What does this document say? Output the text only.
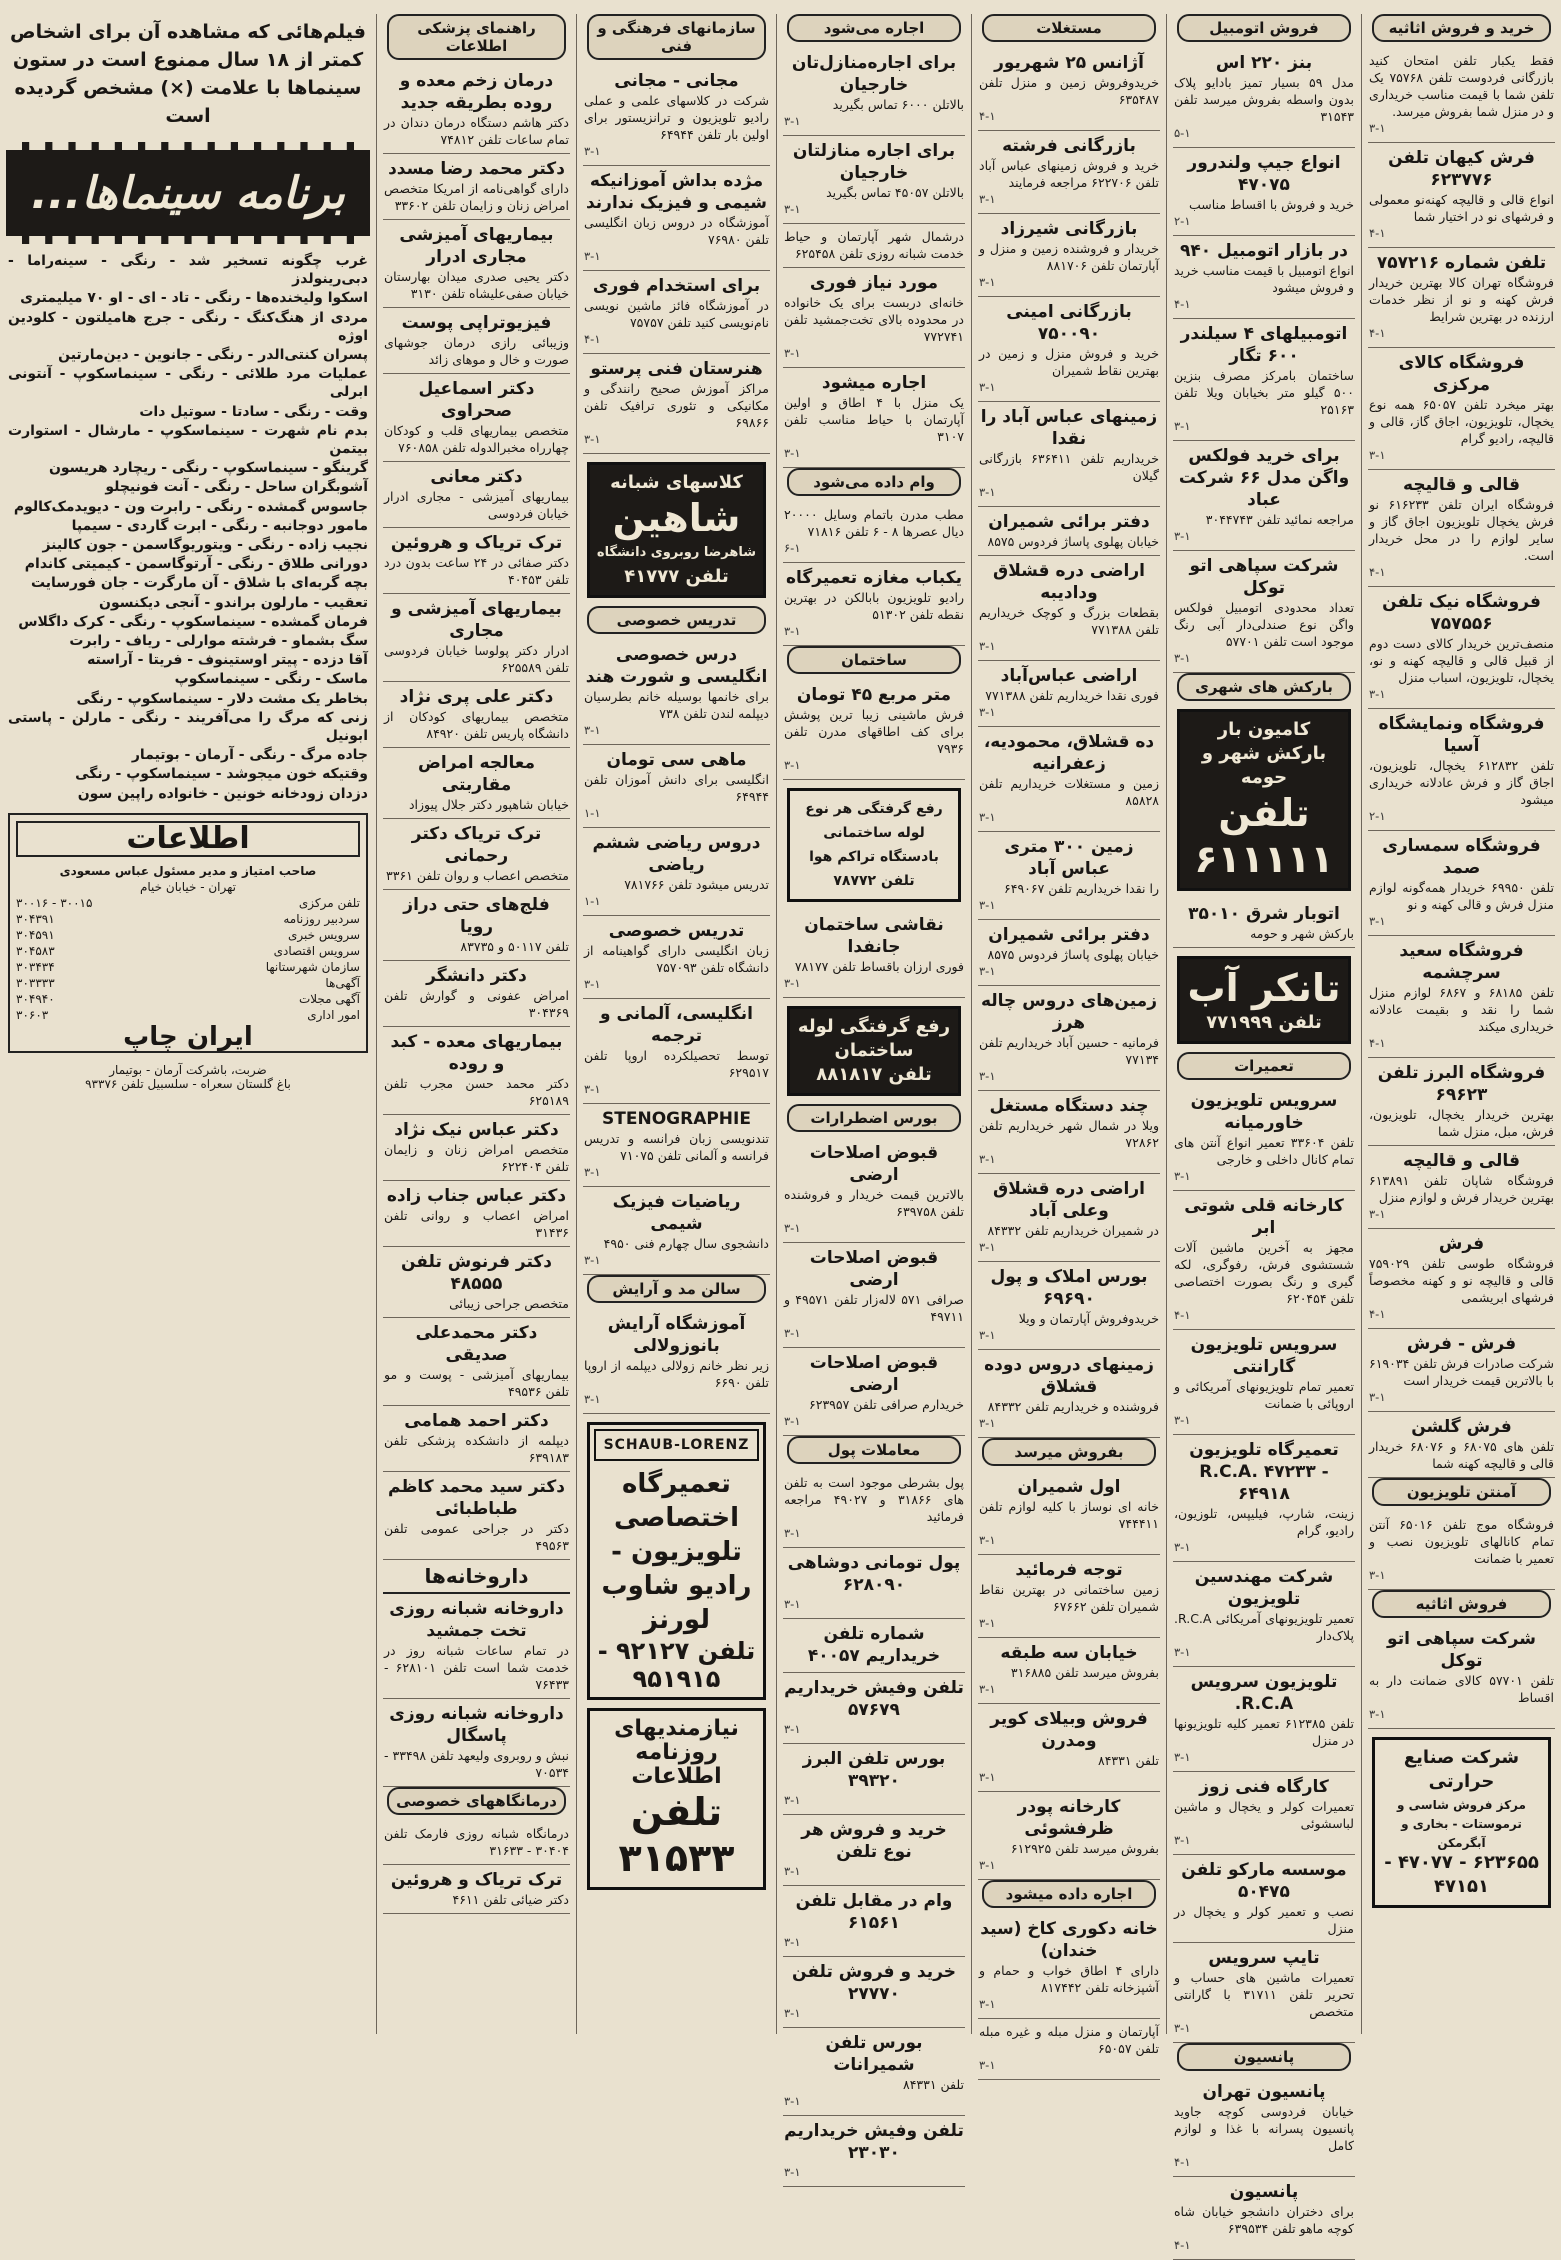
خرید و فروش اثاثیه
فقط یکبار تلفن امتحان کنید بازرگانی فردوست تلفن ۷۵۷۶۸ یک تلفن شما با قیمت مناسب خریداری و در منزل شما بفروش میرسد.
۳-۱
فرش کیهان تلفن ۶۲۳۷۷۶
انواع قالی و قالیچه کهنه‌نو معمولی و فرشهای نو در اختیار شما
۴-۱
تلفن شماره ۷۵۷۲۱۶
فروشگاه تهران کالا بهترین خریدار فرش کهنه و نو از نظر خدمات ارزنده در بهترین شرایط
۴-۱
فروشگاه کالای مرکزی
بهتر میخرد تلفن ۶۵۰۵۷ همه نوع یخچال، تلویزیون، اجاق گاز، قالی و قالیچه، رادیو گرام
۳-۱
قالی و قالیچه
فروشگاه ایران تلفن ۶۱۶۲۳۳ نو فرش یخچال تلویزیون اجاق گاز و سایر لوازم را در محل خریدار است.
۴-۱
فروشگاه نیک تلفن ۷۵۷۵۵۶
منصف‌ترین خریدار کالای دست دوم از قبیل قالی و قالیچه کهنه و نو، یخچال، تلویزیون، اسباب منزل
۳-۱
فروشگاه ونمایشگاه آسیا
تلفن ۶۱۲۸۳۲ یخچال، تلویزیون، اجاق گاز و فرش عادلانه خریداری میشود
۲-۱
فروشگاه سمساری صمد
تلفن ۶۹۹۵۰ خریدار همه‌گونه لوازم منزل فرش و قالی کهنه و نو
۳-۱
فروشگاه سعید سرچشمه
تلفن ۶۸۱۸۵ و ۶۸۶۷ لوازم منزل شما را نقد و بقیمت عادلانه خریداری میکند
۴-۱
فروشگاه البرز تلفن ۶۹۶۲۳
بهترین خریدار یخچال، تلویزیون، فرش، مبل، منزل شما
قالی و قالیچه
فروشگاه شاپان تلفن ۶۱۳۸۹۱ بهترین خریدار فرش و لوازم منزل
۳-۱
فرش
فروشگاه طوسی تلفن ۷۵۹۰۲۹ قالی و قالیچه نو و کهنه مخصوصاً فرشهای ابریشمی
۴-۱
فرش - فرش
شرکت صادرات فرش تلفن ۶۱۹۰۳۴ با بالاترین قیمت خریدار است
۳-۱
فرش گلشن
تلفن های ۶۸۰۷۵ و ۶۸۰۷۶ خریدار قالی و قالیچه کهنه شما
آمنتن تلویزیون
فروشگاه موج تلفن ۶۵۰۱۶ آنتن تمام کانالهای تلویزیون نصب و تعمیر با ضمانت
۳-۱
فروش اثاثیه
شرکت سپاهی اتو توکل
تلفن ۵۷۷۰۱ کالای ضمانت دار به اقساط
۳-۱
شرکت صنایع حرارتی
مرکز فروش شاسی و ترموستات - بخاری و آبگرمکن
۶۲۳۶۵۵ - ۴۷۰۷۷ - ۴۷۱۵۱
فروش اتومبیل
بنز ۲۲۰ اس
مدل ۵۹ بسیار تمیز بادایو پلاک بدون واسطه بفروش میرسد تلفن ۳۱۵۴۳
۵-۱
انواع جیپ ولندرور ۴۷۰۷۵
خرید و فروش با اقساط مناسب
۲-۱
در بازار اتومبیل ۹۴۰
انواع اتومبیل با قیمت مناسب خرید و فروش میشود
۴-۱
اتومبیلهای ۴ سیلندر ۶۰۰ تگار
ساختمان بامرکز مصرف بنزین ۵۰۰ گیلو متر بخیابان ویلا تلفن ۲۵۱۶۳
۳-۱
برای خرید فولکس واگن مدل ۶۶ شرکت عباد
مراجعه نمائید تلفن ۳۰۴۴۷۴۳
۳-۱
شرکت سپاهی اتو توکل
تعداد محدودی اتومبیل فولکس واگن نوع صندلی‌دار آبی رنگ موجود است تلفن ۵۷۷۰۱
۳-۱
بارکش های شهری
کامیون بار
بارکش شهر و حومه
تلفن ۶۱۱۱۱۱
اتوبار شرق ۳۵۰۱۰
بارکش شهر و حومه
تانکر آب
تلفن ۷۷۱۹۹۹
تعمیرات
سرویس تلویزیون خاورمیانه
تلفن ۳۳۶۰۴ تعمیر انواع آنتن های تمام کانال داخلی و خارجی
۳-۱
کارخانه قلی شوتی ابر
مجهز به آخرین ماشین آلات شستشوی فرش، رفوگری، لکه گیری و رنگ بصورت اختصاصی تلفن ۶۲۰۴۵۴
۴-۱
سرویس تلویزیون گارانتی
تعمیر تمام تلویزیونهای آمریکائی و اروپائی با ضمانت
۳-۱
تعمیرگاه تلویزیون R.C.A. ۴۷۲۳۳ - ۶۴۹۱۸
زینت، شارپ، فیلیپس، تلوزیون، رادیو، گرام
۳-۱
شرکت مهندسین تلویزیون
تعمیر تلویزیونهای آمریکائی R.C.A. پلاک‌دار
۳-۱
تلویزیون سرویس R.C.A.
تلفن ۶۱۲۳۸۵ تعمیر کلیه تلویزیونها در منزل
۳-۱
کارگاه فنی زوز
تعمیرات کولر و یخچال و ماشین لباسشوئی
۳-۱
موسسه مارکو تلفن ۵۰۴۷۵
نصب و تعمیر کولر و یخچال در منزل
تایپ سرویس
تعمیرات ماشین های حساب و تحریر تلفن ۳۱۷۱۱ با گارانتی متخصص
۳-۱
پانسیون
پانسیون تهران
خیابان فردوسی کوچه جاوید پانسیون پسرانه با غذا و لوازم کامل
۴-۱
پانسیون
برای دختران دانشجو خیابان شاه کوچه ماهو تلفن ۶۳۹۵۳۴
۴-۱
مستغلات
آژانس ۲۵ شهریور
خریدوفروش زمین و منزل تلفن ۶۳۵۴۸۷
۴-۱
بازرگانی فرشته
خرید و فروش زمینهای عباس آباد تلفن ۶۲۲۷۰۶ مراجعه فرمایند
۳-۱
بازرگانی شیرزاد
خریدار و فروشنده زمین و منزل و آپارتمان تلفن ۸۸۱۷۰۶
۳-۱
بازرگانی امینی ۷۵۰۰۹۰
خرید و فروش منزل و زمین در بهترین نقاط شمیران
۳-۱
زمینهای عباس آباد را نقدا
خریداریم تلفن ۶۳۶۴۱۱ بازرگانی گیلان
۳-۱
دفتر برائی شمیران
خیابان پهلوی پاساژ فردوس ۸۵۷۵
اراضی دره قشلاق ودادیبه
بقطعات بزرگ و کوچک خریداریم تلفن ۷۷۱۳۸۸
۳-۱
اراضی عباس‌آباد
فوری نقدا خریداریم تلفن ۷۷۱۳۸۸
۳-۱
ده قشلاق، محمودیه، زعفرانیه
زمین و مستغلات خریداریم تلفن ۸۵۸۲۸
۳-۱
زمین ۳۰۰ متری عباس آباد
را نقدا خریداریم تلفن ۶۴۹۰۶۷
۳-۱
دفتر برائی شمیران
خیابان پهلوی پاساژ فردوس ۸۵۷۵
۳-۱
زمین‌های دروس چاله هرز
فرمانیه - حسین آباد خریداریم تلفن ۷۷۱۳۴
۳-۱
چند دستگاه مستغل
ویلا در شمال شهر خریداریم تلفن ۷۲۸۶۲
۳-۱
اراضی دره قشلاق وعلی آباد
در شمیران خریداریم تلفن ۸۴۳۳۲
۳-۱
بورس املاک و پول ۶۹۶۹۰
خریدوفروش آپارتمان و ویلا
۳-۱
زمینهای دروس دوده قشلاق
فروشنده و خریداریم تلفن ۸۴۳۳۲
۳-۱
بفروش میرسد
اول شمیران
خانه ای نوساز با کلیه لوازم تلفن ۷۴۴۴۱۱
۳-۱
توجه فرمائید
زمین ساختمانی در بهترین نقاط شمیران تلفن ۶۷۶۶۲
۳-۱
خیابان سه طبقه
بفروش میرسد تلفن ۳۱۶۸۸۵
۳-۱
فروش وبیلای کویر ومدرن
تلفن ۸۴۳۳۱
۳-۱
کارخانه پودر ظرفشوئی
بفروش میرسد تلفن ۶۱۲۹۲۵
۳-۱
اجاره داده میشود
خانه دکوری کاخ (سید خندان)
دارای ۴ اطاق خواب و حمام و آشپزخانه تلفن ۸۱۷۴۴۲
۳-۱
آپارتمان و منزل مبله و غیره مبله تلفن ۶۵۰۵۷
۳-۱
اجاره می‌شود
برای اجاره‌منازل‌تان‌ خارجیان
بالاتلن ۶۰۰۰ تماس بگیرید
۳-۱
برای اجاره‌ منازلتان‌ خارجیان
بالاتلن ۴۵۰۵۷ تماس بگیرید
۳-۱
درشمال شهر آپارتمان و حیاط خدمت شبانه روزی تلفن ۶۲۵۴۵۸
مورد نیاز فوری
خانه‌ای دربست برای یک خانواده در محدوده بالای تخت‌جمشید تلفن ۷۷۲۷۴۱
۳-۱
اجاره میشود
یک منزل با ۴ اطاق و اولین آپارتمان با حیاط مناسب تلفن ۳۱۰۷
۳-۱
وام داده می‌شود
مطب مدرن باتمام وسایل ۲۰۰۰۰ دیال عصرها ۸ - ۶ تلفن ۷۱۸۱۶
۶-۱
یکباب مغازه تعمیرگاه
رادیو تلویزیون بابالکن در بهترین نقطه تلفن ۵۱۳۰۲
۳-۱
ساختمان
متر مربع ۴۵ تومان
فرش ماشینی زیبا ترین پوشش برای کف اطاقهای مدرن تلفن ۷۹۳۶
۳-۱
رفع گرفتگی هر نوع لوله ساختمانی
بادستگاه تراکم هوا تلفن ۷۸۷۷۲
نقاشی ساختمان جانفدا
فوری ارزان باقساط تلفن ۷۸۱۷۷
۳-۱
رفع گرفتگی لوله ساختمان
تلفن ۸۸۱۸۱۷
بورس اضطرارات
قبوض اصلاحات ارضی
بالاترین قیمت خریدار و فروشنده تلفن ۶۳۹۷۵۸
۳-۱
قبوض اصلاحات ارضی
صرافی ۵۷۱ لاله‌زار تلفن ۴۹۵۷۱ و ۴۹۷۱۱
۳-۱
قبوض اصلاحات ارضی
خریدارم صرافی تلفن ۶۲۳۹۵۷
۳-۱
معاملات پول
پول بشرطی موجود است به تلفن های ۳۱۸۶۶ و ۴۹۰۲۷ مراجعه فرمائید
۳-۱
پول تومانی دوشاهی ۶۲۸۰۹۰
۳-۱
شماره تلفن خریداریم ۴۰۰۵۷
تلفن وفیش خریداریم ۵۷۶۷۹
۳-۱
بورس تلفن البرز ۳۹۳۲۰
۳-۱
خرید و فروش هر نوع تلفن
۳-۱
وام در مقابل تلفن ۶۱۵۶۱
۳-۱
خرید و فروش تلفن ۲۷۷۷۰
۳-۱
بورس تلفن شمیرانات
تلفن ۸۴۳۳۱
۳-۱
تلفن وفیش خریداریم ۲۳۰۳۰
۳-۱
سازمانهای فرهنگی و فنی
مجانی - مجانی
شرکت در کلاسهای علمی و عملی رادیو تلویزیون و ترانزیستور برای اولین بار تلفن ۶۴۹۴۴
۳-۱
مژده بداش آموزانیکه شیمی و فیزیک ندارند
آموزشگاه در دروس زبان انگلیسی تلفن ۷۶۹۸۰
۳-۱
برای استخدام فوری
در آموزشگاه فائز ماشین نویسی نام‌نویسی کنید تلفن ۷۵۷۵۷
۴-۱
هنرستان فنی پرستو
مراکز آموزش صحیح رانندگی و مکانیکی و تئوری ترافیک تلفن ۶۹۸۶۶
۳-۱
کلاسهای شبانه
شاهین
شاهرضا روبروی دانشگاه
تلفن ۴۱۷۷۷
تدریس خصوصی
درس خصوصی انگلیسی و شورت هند
برای خانمها بوسیله خانم بطرسیان دیپلمه لندن تلفن ۷۳۸
۳-۱
ماهی سی تومان
انگلیسی برای دانش آموزان تلفن ۶۴۹۴۴
۱-۱
دروس ریاضی ششم ریاضی
تدریس میشود تلفن ۷۸۱۷۶۶
۱-۱
تدریس خصوصی
زبان انگلیسی دارای گواهینامه از دانشگاه تلفن ۷۵۷۰۹۳
۳-۱
انگلیسی، آلمانی و ترجمه
توسط تحصیلکرده اروپا تلفن ۶۲۹۵۱۷
۳-۱
STENOGRAPHIE
تندنویسی زبان فرانسه و تدریس فرانسه و آلمانی تلفن ۷۱۰۷۵
۳-۱
ریاضیات فیزیک شیمی
دانشجوی سال چهارم فنی ۴۹۵۰
۳-۱
سالن مد و آرایش
آموزشگاه آرایش بانوزولالی
زیر نظر خانم زولالی دیپلمه از اروپا تلفن ۶۶۹۰
۳-۱
SCHAUB-LORENZ
تعمیرگاه اختصاصی تلویزیون - رادیو شاوب لورنز
تلفن ۹۲۱۲۷ - ۹۵۱۹۱۵
نیازمندیهای روزنامه اطلاعات
تلفن ۳۱۵۳۳
راهنمای پزشکی اطلاعات
درمان زخم معده و روده بطریقه جدید
دکتر هاشم دستگاه درمان دندان در تمام ساعات تلفن ۷۴۸۱۲
دکتر محمد رضا مسدد
دارای گواهی‌نامه از امریکا متخصص امراض زنان و زایمان تلفن ۳۳۶۰۲
بیماریهای آمیزشی مجاری ادرار
دکتر یحیی صدری میدان بهارستان خیابان صفی‌علیشاه تلفن ۳۱۳۰
فیزیوتراپی پوست
وزیبائی رازی درمان جوشهای صورت و خال و موهای زائد
دکتر اسماعیل صحراوی
متخصص بیماریهای قلب و کودکان چهارراه مخبرالدوله تلفن ۷۶۰۸۵۸
دکتر معانی
بیماریهای آمیزشی - مجاری ادرار خیابان فردوسی
ترک تریاک و هروئین
دکتر صفائی در ۲۴ ساعت بدون درد تلفن ۴۰۴۵۳
بیماریهای آمیزشی و مجاری
ادرار دکتر پولوسا خیابان فردوسی تلفن ۶۲۵۵۸۹
دکتر علی پری نژاد
متخصص بیماریهای کودکان از دانشگاه پاریس تلفن ۸۴۹۲۰
معالجه امراض مقاربتی
خیابان شاهپور دکتر جلال پیوزاد
ترک تریاک دکتر رحمانی
متخصص اعصاب و روان تلفن ۳۳۶۱
فلج‌های حتی دراز رویا
تلفن ۵۰۱۱۷ و ۸۳۷۳۵
دکتر دانشگر
امراض عفونی و گوارش تلفن ۳۰۴۳۶۹
بیماریهای معده - کبد و روده
دکتر محمد حسن مجرب تلفن ۶۲۵۱۸۹
دکتر عباس نیک نژاد
متخصص امراض زنان و زایمان تلفن ۶۲۲۴۰۴
دکتر عباس جناب زاده
امراض اعصاب و روانی تلفن ۳۱۴۳۶
دکتر فرنوش تلفن ۴۸۵۵۵
متخصص جراحی زیبائی
دکتر محمدعلی صدیقی
بیماریهای آمیزشی - پوست و مو تلفن ۴۹۵۳۶
دکتر احمد همامی
دیپلمه از دانشکده پزشکی تلفن ۶۳۹۱۸۳
دکتر سید محمد کاظم طباطبائی
دکتر در جراحی عمومی تلفن ۴۹۵۶۳
داروخانه‌ها
داروخانه شبانه روزی تخت جمشید
در تمام ساعات شبانه روز در خدمت شما است تلفن ۶۲۸۱۰۱ - ۷۶۴۳۳
داروخانه شبانه روزی پاسگال
نبش و روبروی ولیعهد تلفن ۳۳۴۹۸ - ۷۰۵۳۴
درمانگاههای خصوصی
درمانگاه شبانه روزی فارمک تلفن ۳۰۴۰۴ - ۳۱۶۳۳
ترک تریاک و هروئین
دکتر ضیائی تلفن ۴۶۱۱
فیلم‌هائی که مشاهده آن برای اشخاص کمتر از ۱۸ سال ممنوع است در ستون سینماها با علامت (×) مشخص گردیده است
برنامه سینماها...

غرب چگونه تسخیر شد - رنگی - سینه‌راما - دبی‌رینولدز

اسکوا ولیخنده‌ها - رنگی - تاد - ای - او ۷۰ میلیمتری

مردی از هنگ‌کنگ - رنگی - جرج هامیلتون - کلودین اوژه

پسران کنتی‌الدر - رنگی - جانوین - دین‌مارتین

عملیات مرد طلائی - رنگی - سینماسکوپ - آنتونی ابرلی

وقت - رنگی - سادتا - سوتیل دات

بدم نام شهرت - سینماسکوپ - مارشال - استوارت بیتمن

گرینگو - سینماسکوپ - رنگی - ریچارد هریسون

آشوبگران ساحل - رنگی - آنت فونیچلو

جاسوس گمشده - رنگی - رابرت ون - دیویدمک‌کالوم

مامور دوجانبه - رنگی - ابرت گاردی - سیمپا

نجیب زاده - رنگی - ویتوریوگاسمن - جون کالینز

دورانی طلاق - رنگی - آرتوگاسمن - کیمیتی کاندام

بچه گربه‌ای با شلاق - آن مارگرت - جان فورسایت

تعقیب - مارلون براندو - آنجی دیکنسون

فرمان گمشده - سینماسکوپ - رنگی - کرک داگلاس

سگ بشماو - فرشته موارلی - ریاف - رابرت

آقا دزده - پیتر اوستینوف - فریتا - آراسته

ماسک - رنگی - سینماسکوپ

بخاطر یک مشت دلار - سینماسکوپ - رنگی

زنی که مرگ را می‌آفریند - رنگی - مارلن - پاستی ابونیل

جاده مرگ - رنگی - آرمان - بوتیمار

وقتیکه خون میجوشد - سینماسکوپ - رنگی

دزدان زودخانه خونین - خانواده راپین سون

اطلاعات
صاحب امتیاز و مدیر مسئول عباس مسعودی
تهران - خیابان خیام
تلفن مرکزی
۳۰۰۱۵ - ۳۰۰۱۶
سردبیر روزنامه
۳۰۴۳۹۱
سرویس خبری
۳۰۴۵۹۱
سرویس اقتصادی
۳۰۴۵۸۳
سازمان شهرستانها
۳۰۳۴۳۴
آگهی‌ها
۳۰۳۳۳۳
آگهی مجلات
۳۰۴۹۴۰
امور اداری
۳۰۶۰۳
ایران چاپ
ضربت، باشرکت آرمان - بوتیمار
باغ گلستان سعراه - سلسبیل تلفن ۹۳۳۷۶
